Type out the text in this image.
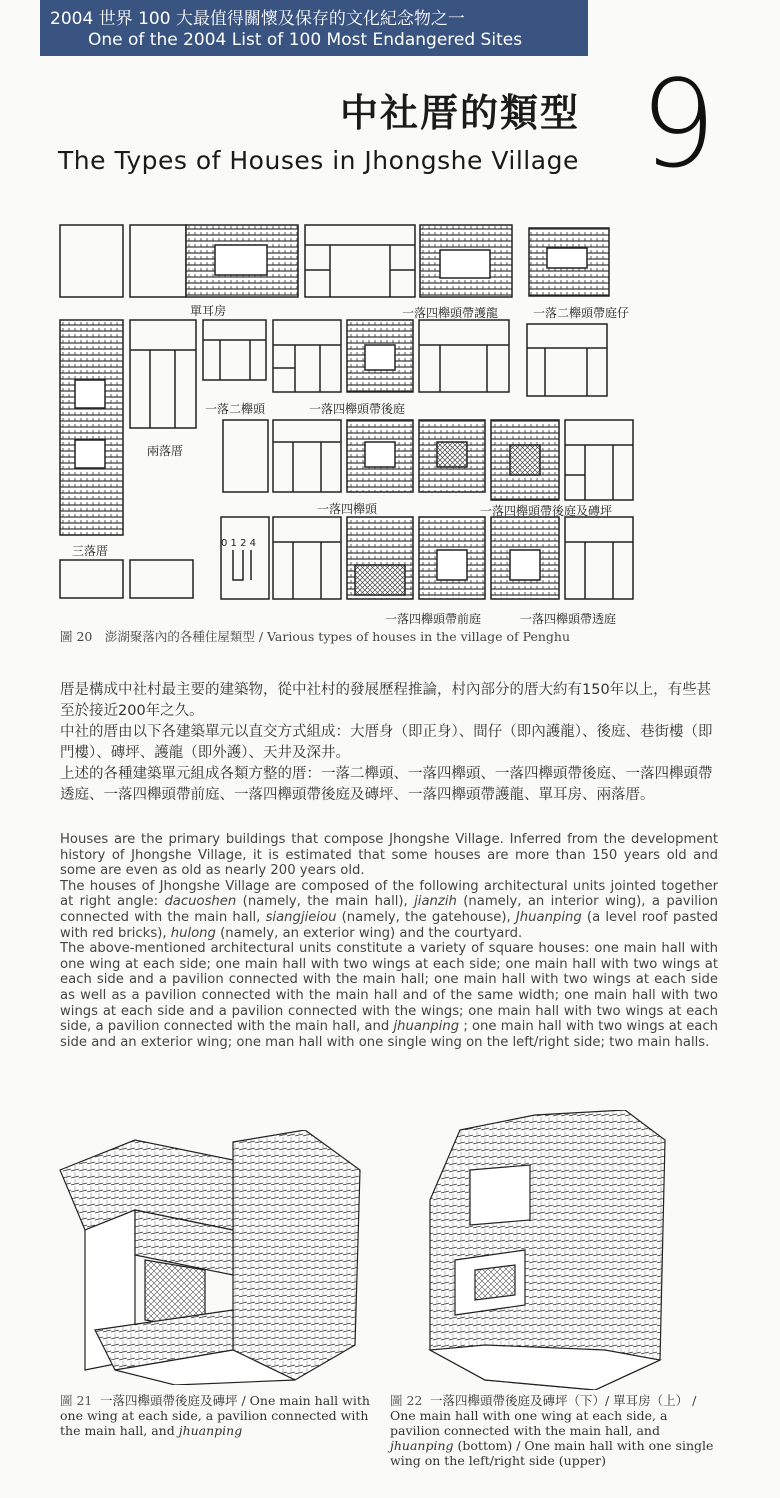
2004 世界 100 大最值得關懷及保存的文化紀念物之一
One of the 2004 List of 100 Most Endangered Sites
中社厝的類型
The Types of Houses in Jhongshe Village 9
單耳房	一落四櫸頭帶護龍	一落二櫸頭帶庭仔
一落二櫸頭	一落四櫸頭帶後庭
兩落厝
一落四櫸頭	一落四櫸頭帶後庭及磚坪
三落厝
0 1 2 4
一落四櫸頭帶前庭	一落四櫸頭帶透庭
圖 20　澎湖聚落內的各種住屋類型 / Various types of houses in the village of Penghu

厝是構成中社村最主要的建築物，從中社村的發展歷程推論，村內部分的厝大約有150年以上，有些甚至於接近200年之久。

中社的厝由以下各建築單元以直交方式組成：大厝身（即正身）、間仔（即內護龍）、後庭、巷街樓（即門樓）、磚坪、護龍（即外護）、天井及深井。

上述的各種建築單元組成各類方整的厝：一落二櫸頭、一落四櫸頭、一落四櫸頭帶後庭、一落四櫸頭帶透庭、一落四櫸頭帶前庭、一落四櫸頭帶後庭及磚坪、一落四櫸頭帶護龍、單耳房、兩落厝。

Houses are the primary buildings that compose Jhongshe Village. Inferred from the development history of Jhongshe Village, it is estimated that some houses are more than 150 years old and some are even as old as nearly 200 years old.

The houses of Jhongshe Village are composed of the following architectural units jointed together at right angle: dacuoshen (namely, the main hall), jianzih (namely, an interior wing), a pavilion connected with the main hall, siangjieiou (namely, the gatehouse), Jhuanping (a level roof pasted with red bricks), hulong (namely, an exterior wing) and the courtyard.

The above-mentioned architectural units constitute a variety of square houses: one main hall with one wing at each side; one main hall with two wings at each side; one main hall with two wings at each side and a pavilion connected with the main hall; one main hall with two wings at each side as well as a pavilion connected with the main hall and of the same width; one main hall with two wings at each side and a pavilion connected with the wings; one main hall with two wings at each side, a pavilion connected with the main hall, and jhuanping ; one main hall with two wings at each side and an exterior wing; one man hall with one single wing on the left/right side; two main halls.

圖 21 一落四櫸頭帶後庭及磚坪 / One main hall with one wing at each side, a pavilion connected with the main hall, and jhuanping
圖 22 一落四櫸頭帶後庭及磚坪（下）/ 單耳房（上） / One main hall with one wing at each side, a pavilion connected with the main hall, and jhuanping (bottom) / One main hall with one single wing on the left/right side (upper)
